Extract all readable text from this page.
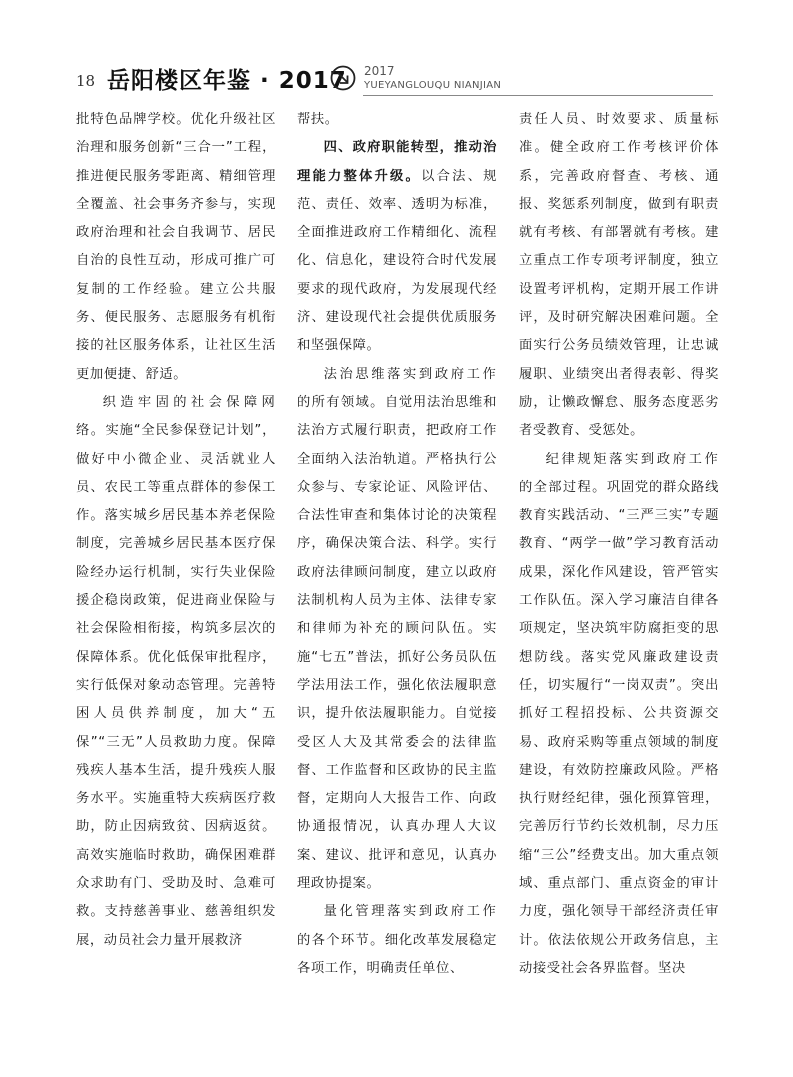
18 岳阳楼区年鉴 · 2017 2017
YUEYANGLOUQU NIANJIAN

批特色品牌学校。优化升级社区治理和服务创新“三合一”工程，推进便民服务零距离、精细管理全覆盖、社会事务齐参与，实现政府治理和社会自我调节、居民自治的良性互动，形成可推广可复制的工作经验。建立公共服务、便民服务、志愿服务有机衔接的社区服务体系，让社区生活更加便捷、舒适。

织造牢固的社会保障网络。实施“全民参保登记计划”，做好中小微企业、灵活就业人员、农民工等重点群体的参保工作。落实城乡居民基本养老保险制度，完善城乡居民基本医疗保险经办运行机制，实行失业保险援企稳岗政策，促进商业保险与社会保险相衔接，构筑多层次的保障体系。优化低保审批程序，实行低保对象动态管理。完善特困人员供养制度，加大“五保”“三无”人员救助力度。保障残疾人基本生活，提升残疾人服务水平。实施重特大疾病医疗救助，防止因病致贫、因病返贫。高效实施临时救助，确保困难群众求助有门、受助及时、急难可救。支持慈善事业、慈善组织发展，动员社会力量开展救济

帮扶。

四、政府职能转型，推动治理能力整体升级。以合法、规范、责任、效率、透明为标准，全面推进政府工作精细化、流程化、信息化，建设符合时代发展要求的现代政府，为发展现代经济、建设现代社会提供优质服务和坚强保障。

法治思维落实到政府工作的所有领域。自觉用法治思维和法治方式履行职责，把政府工作全面纳入法治轨道。严格执行公众参与、专家论证、风险评估、合法性审查和集体讨论的决策程序，确保决策合法、科学。实行政府法律顾问制度，建立以政府法制机构人员为主体、法律专家和律师为补充的顾问队伍。实施“七五”普法，抓好公务员队伍学法用法工作，强化依法履职意识，提升依法履职能力。自觉接受区人大及其常委会的法律监督、工作监督和区政协的民主监督，定期向人大报告工作、向政协通报情况，认真办理人大议案、建议、批评和意见，认真办理政协提案。

量化管理落实到政府工作的各个环节。细化改革发展稳定各项工作，明确责任单位、

责任人员、时效要求、质量标准。健全政府工作考核评价体系，完善政府督查、考核、通报、奖惩系列制度，做到有职责就有考核、有部署就有考核。建立重点工作专项考评制度，独立设置考评机构，定期开展工作讲评，及时研究解决困难问题。全面实行公务员绩效管理，让忠诚履职、业绩突出者得表彰、得奖励，让懒政懈怠、服务态度恶劣者受教育、受惩处。

纪律规矩落实到政府工作的全部过程。巩固党的群众路线教育实践活动、“三严三实”专题教育、“两学一做”学习教育活动成果，深化作风建设，管严管实工作队伍。深入学习廉洁自律各项规定，坚决筑牢防腐拒变的思想防线。落实党风廉政建设责任，切实履行“一岗双责”。突出抓好工程招投标、公共资源交易、政府采购等重点领域的制度建设，有效防控廉政风险。严格执行财经纪律，强化预算管理，完善厉行节约长效机制，尽力压缩“三公”经费支出。加大重点领域、重点部门、重点资金的审计力度，强化领导干部经济责任审计。依法依规公开政务信息，主动接受社会各界监督。坚决
